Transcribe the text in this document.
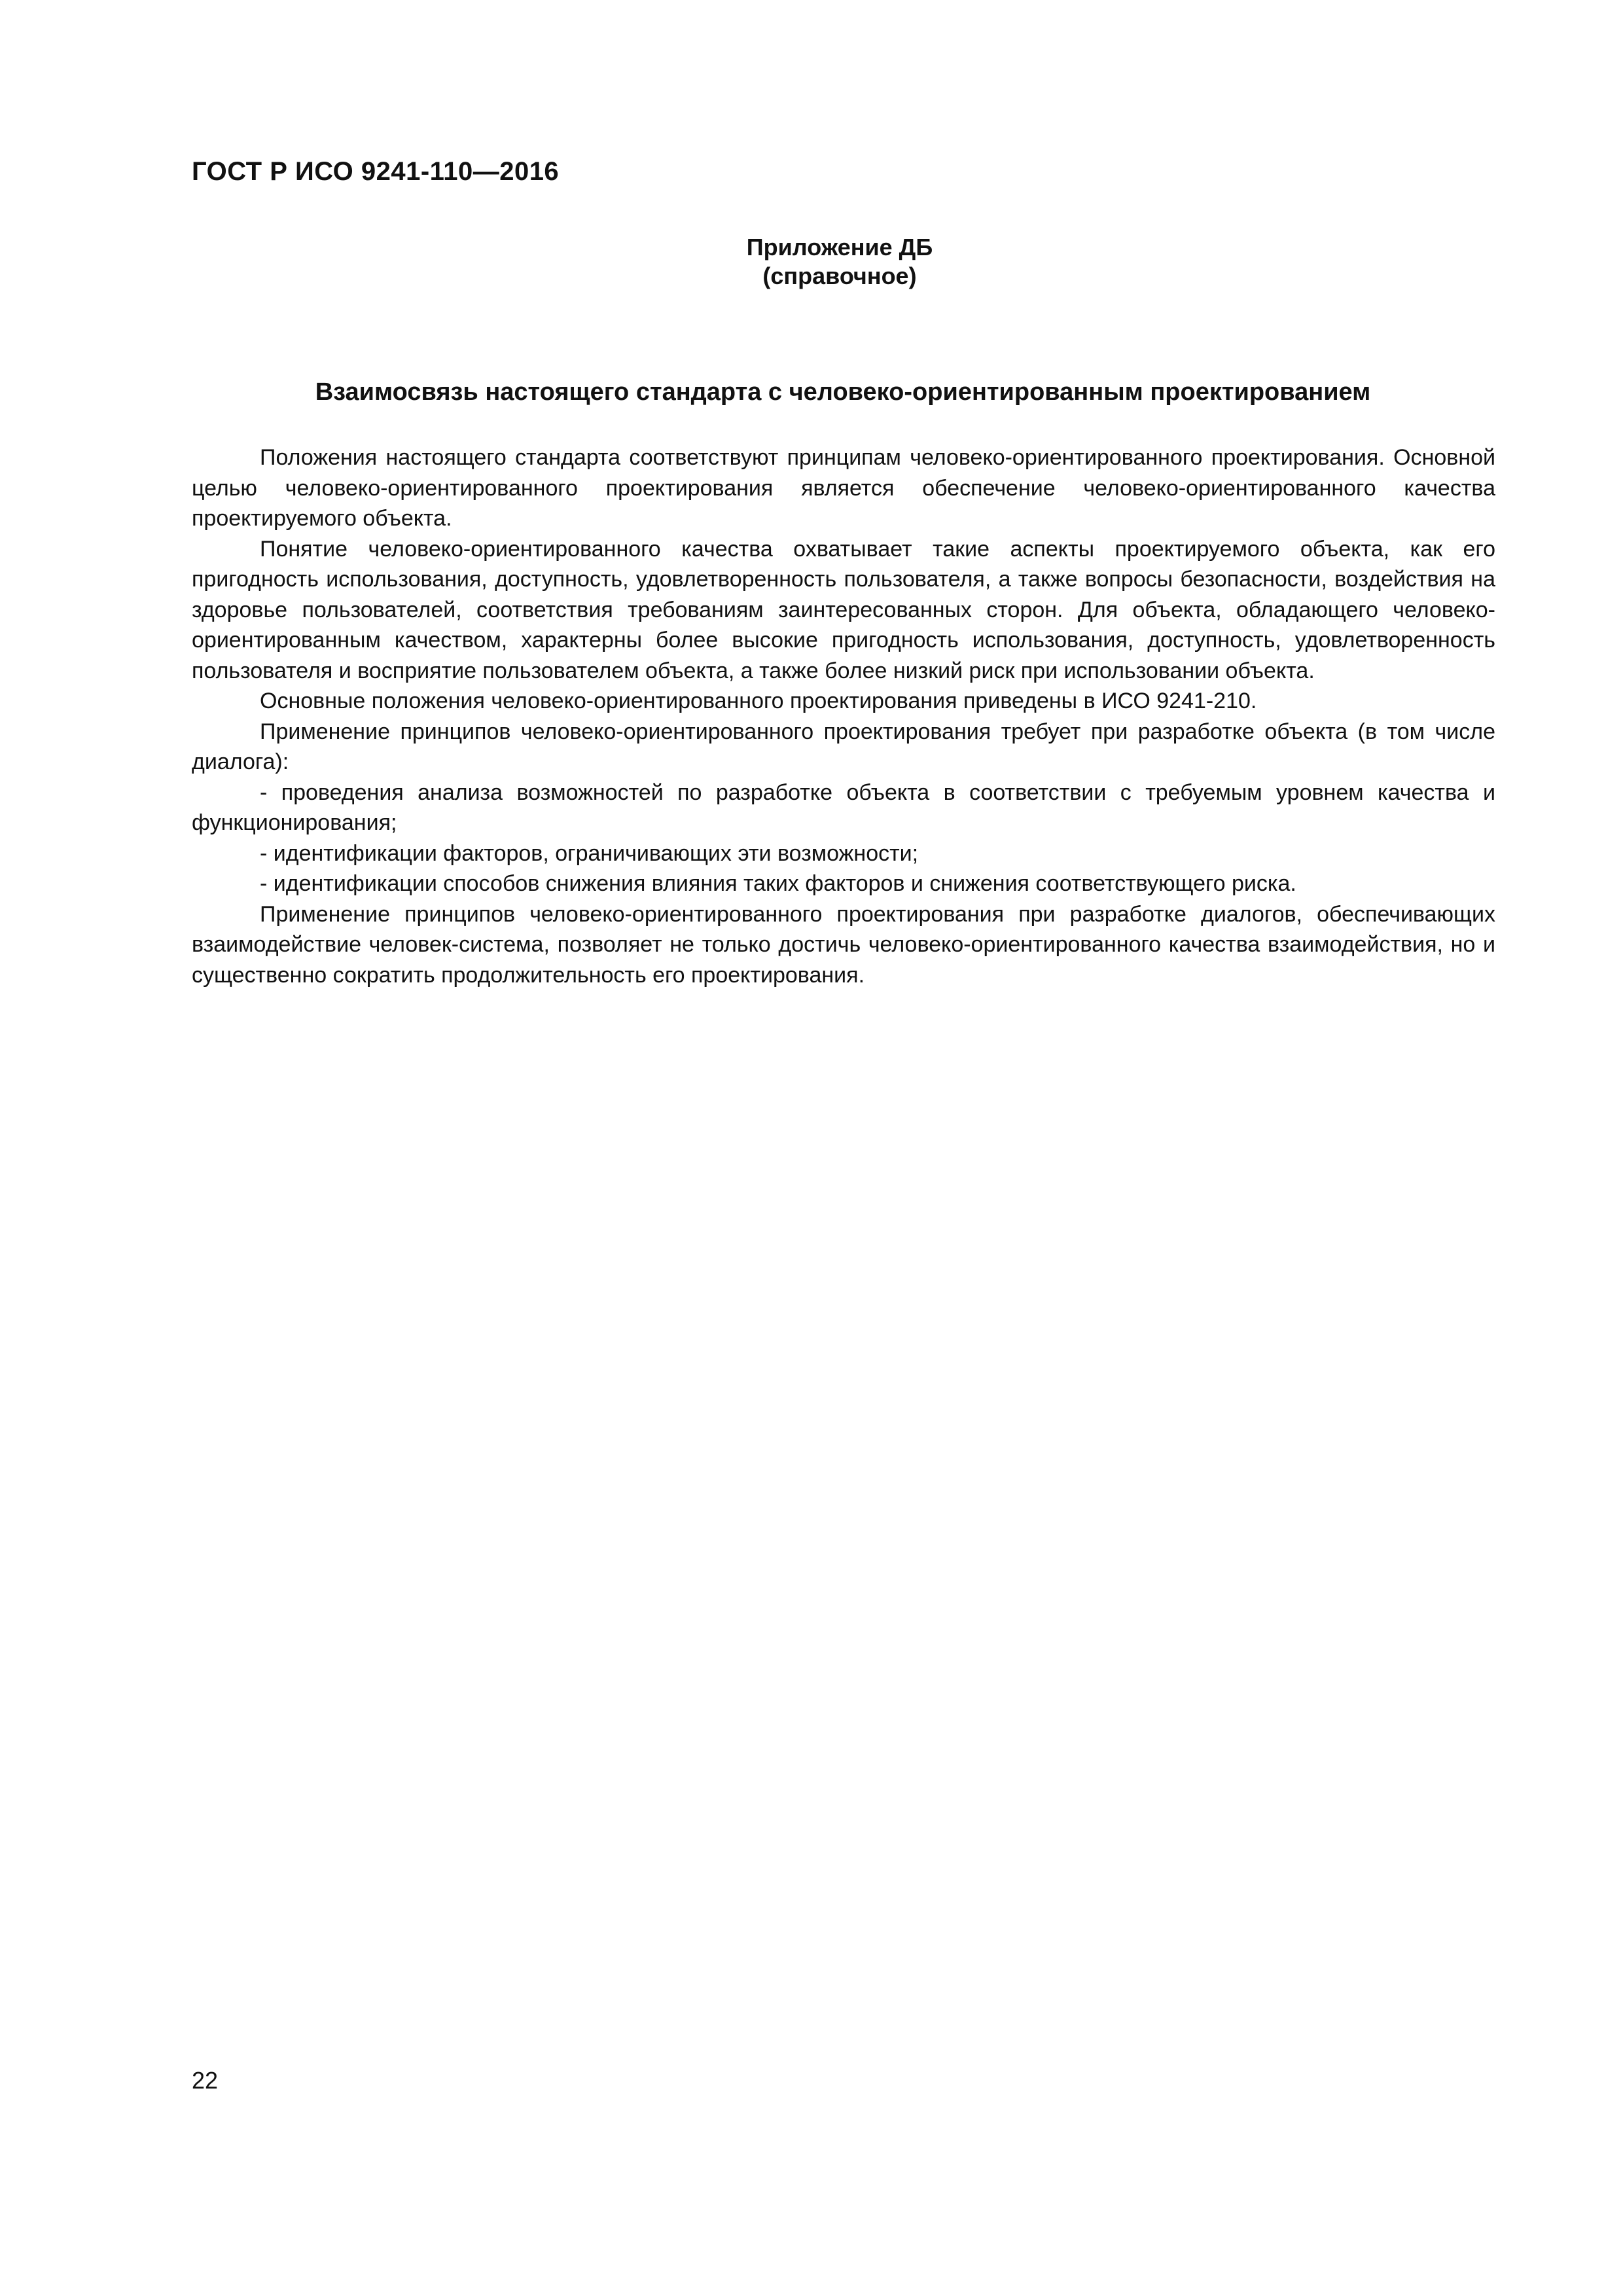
ГОСТ Р ИСО 9241-110—2016
Приложение ДБ
(справочное)
Взаимосвязь настоящего стандарта с человеко-ориентированным проектированием

Положения настоящего стандарта соответствуют принципам человеко-ориентированного проектирования. Основной целью человеко-ориентированного проектирования является обеспечение человеко-ориентированного качества проектируемого объекта.

Понятие человеко-ориентированного качества охватывает такие аспекты проектируемого объекта, как его пригодность использования, доступность, удовлетворенность пользователя, а также вопросы безопасности, воздействия на здоровье пользователей, соответствия требованиям заинтересованных сторон. Для объекта, обладающего человеко-ориентированным качеством, характерны более высокие пригодность использования, доступность, удовлетворенность пользователя и восприятие пользователем объекта, а также более низкий риск при использовании объекта.

Основные положения человеко-ориентированного проектирования приведены в ИСО 9241-210.

Применение принципов человеко-ориентированного проектирования требует при разработке объекта (в том числе диалога):

- проведения анализа возможностей по разработке объекта в соответствии с требуемым уровнем качества и функционирования;

- идентификации факторов, ограничивающих эти возможности;

- идентификации способов снижения влияния таких факторов и снижения соответствующего риска.

Применение принципов человеко-ориентированного проектирования при разработке диалогов, обеспечивающих взаимодействие человек-система, позволяет не только достичь человеко-ориентированного качества взаимодействия, но и существенно сократить продолжительность его проектирования.

22
